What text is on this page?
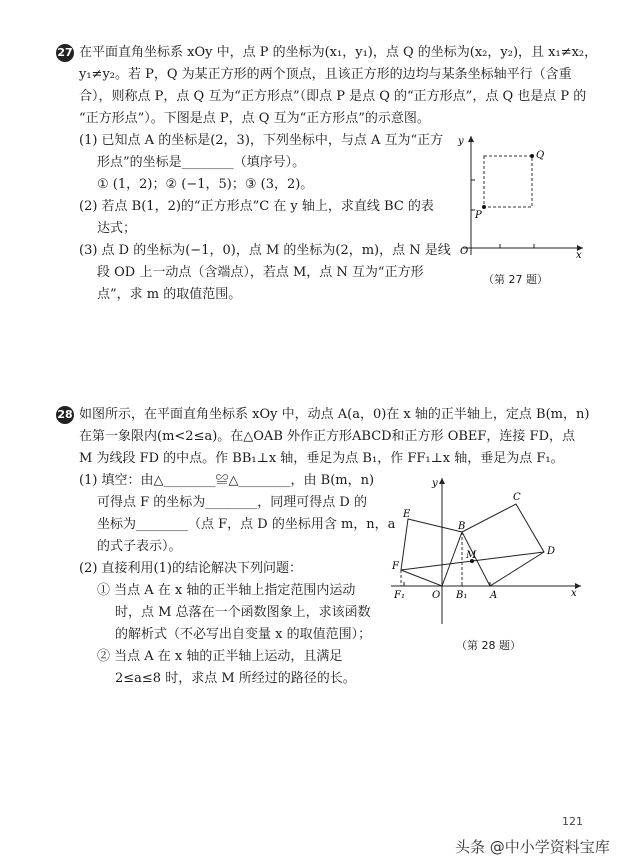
27 在平面直角坐标系 xOy 中，点 P 的坐标为(x₁，y₁)，点 Q 的坐标为(x₂，y₂)，且 x₁≠x₂，
y₁≠y₂。若 P，Q 为某正方形的两个顶点，且该正方形的边均与某条坐标轴平行（含重
合），则称点 P，点 Q 互为“正方形点”（即点 P 是点 Q 的“正方形点”，点 Q 也是点 P 的
“正方形点”）。下图是点 P，点 Q 互为“正方形点”的示意图。
(1) 已知点 A 的坐标是(2，3)，下列坐标中，与点 A 互为“正方
形点”的坐标是________（填序号）。
① (1，2)；② (−1，5)；③ (3，2)。
(2) 若点 B(1，2)的“正方形点”C 在 y 轴上，求直线 BC 的表
达式；
(3) 点 D 的坐标为(−1，0)，点 M 的坐标为(2，m)，点 N 是线
段 OD 上一动点（含端点），若点 M，点 N 互为“正方形
点”，求 m 的取值范围。
y
x
O
P
Q
（第 27 题）
28 如图所示，在平面直角坐标系 xOy 中，动点 A(a，0)在 x 轴的正半轴上，定点 B(m，n)
在第一象限内(m<2≤a)。在△OAB 外作正方形ABCD和正方形 OBEF，连接 FD，点
M 为线段 FD 的中点。作 BB₁⊥x 轴，垂足为点 B₁，作 FF₁⊥x 轴，垂足为点 F₁。
(1) 填空：由△________≌△________，由 B(m，n)
可得点 F 的坐标为________，同理可得点 D 的
坐标为________（点 F，点 D 的坐标用含 m，n，a
的式子表示）。
(2) 直接利用(1)的结论解决下列问题：
① 当点 A 在 x 轴的正半轴上指定范围内运动
时，点 M 总落在一个函数图象上，求该函数
的解析式（不必写出自变量 x 的取值范围）；
② 当点 A 在 x 轴的正半轴上运动，且满足
2≤a≤8 时，求点 M 所经过的路径的长。
x
y
O	A
B
B₁
C
D
E
F
F₁
M
（第 28 题）
121
头条 @中小学资料宝库
